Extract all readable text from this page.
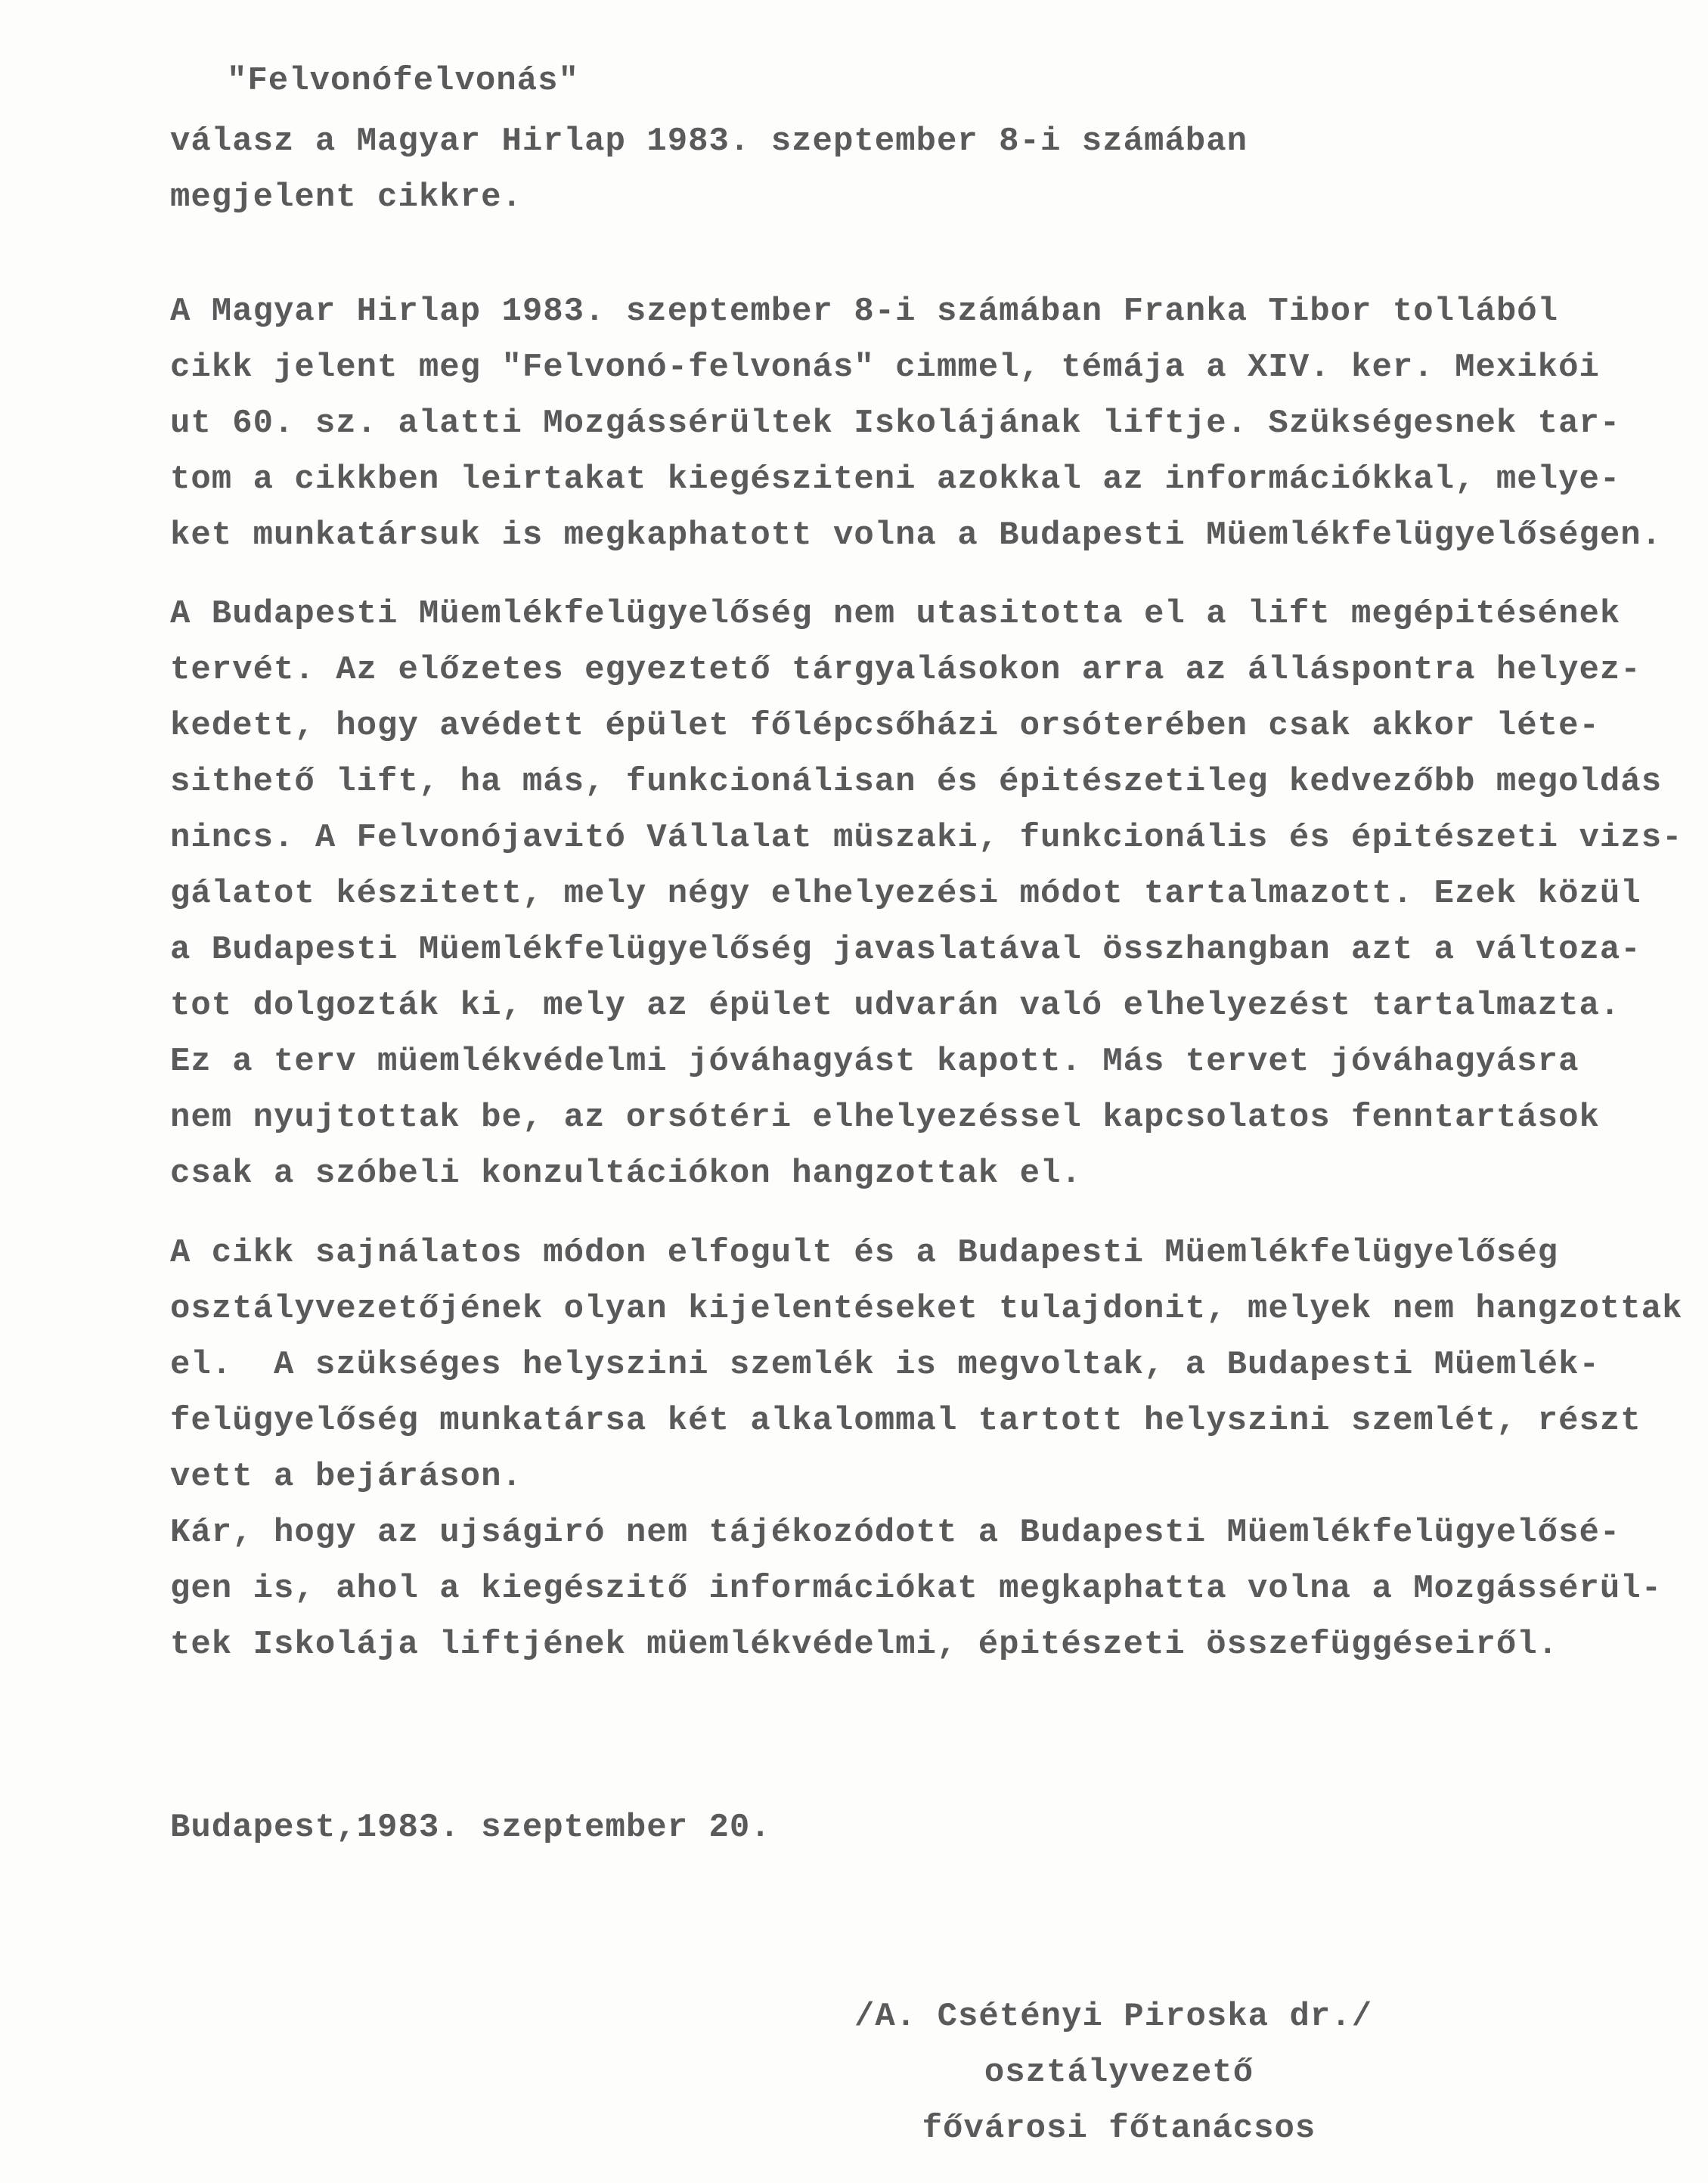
"Felvonófelvonás"

válasz a Magyar Hirlap 1983. szeptember 8-i számában
megjelent cikkre.
A Magyar Hirlap 1983. szeptember 8-i számában Franka Tibor tollából
cikk jelent meg "Felvonó-felvonás" cimmel, témája a XIV. ker. Mexikói
ut 60. sz. alatti Mozgássérültek Iskolájának liftje. Szükségesnek tar-
tom a cikkben leirtakat kiegésziteni azokkal az információkkal, melye-
ket munkatársuk is megkaphatott volna a Budapesti Müemlékfelügyelőségen.
A Budapesti Müemlékfelügyelőség nem utasitotta el a lift megépitésének
tervét. Az előzetes egyeztető tárgyalásokon arra az álláspontra helyez-
kedett, hogy avédett épület főlépcsőházi orsóterében csak akkor léte-
sithető lift, ha más, funkcionálisan és épitészetileg kedvezőbb megoldás
nincs. A Felvonójavitó Vállalat müszaki, funkcionális és épitészeti vizs-
gálatot készitett, mely négy elhelyezési módot tartalmazott. Ezek közül
a Budapesti Müemlékfelügyelőség javaslatával összhangban azt a változa-
tot dolgozták ki, mely az épület udvarán való elhelyezést tartalmazta.
Ez a terv müemlékvédelmi jóváhagyást kapott. Más tervet jóváhagyásra
nem nyujtottak be, az orsótéri elhelyezéssel kapcsolatos fenntartások
csak a szóbeli konzultációkon hangzottak el.
A cikk sajnálatos módon elfogult és a Budapesti Müemlékfelügyelőség
osztályvezetőjének olyan kijelentéseket tulajdonit, melyek nem hangzottak
el.  A szükséges helyszini szemlék is megvoltak, a Budapesti Müemlék-
felügyelőség munkatársa két alkalommal tartott helyszini szemlét, részt
vett a bejáráson.
Kár, hogy az ujságiró nem tájékozódott a Budapesti Müemlékfelügyelősé-
gen is, ahol a kiegészitő információkat megkaphatta volna a Mozgássérül-
tek Iskolája liftjének müemlékvédelmi, épitészeti összefüggéseiről.

Budapest,1983. szeptember 20.

/A. Csétényi Piroska dr./
osztályvezető
fővárosi főtanácsos
